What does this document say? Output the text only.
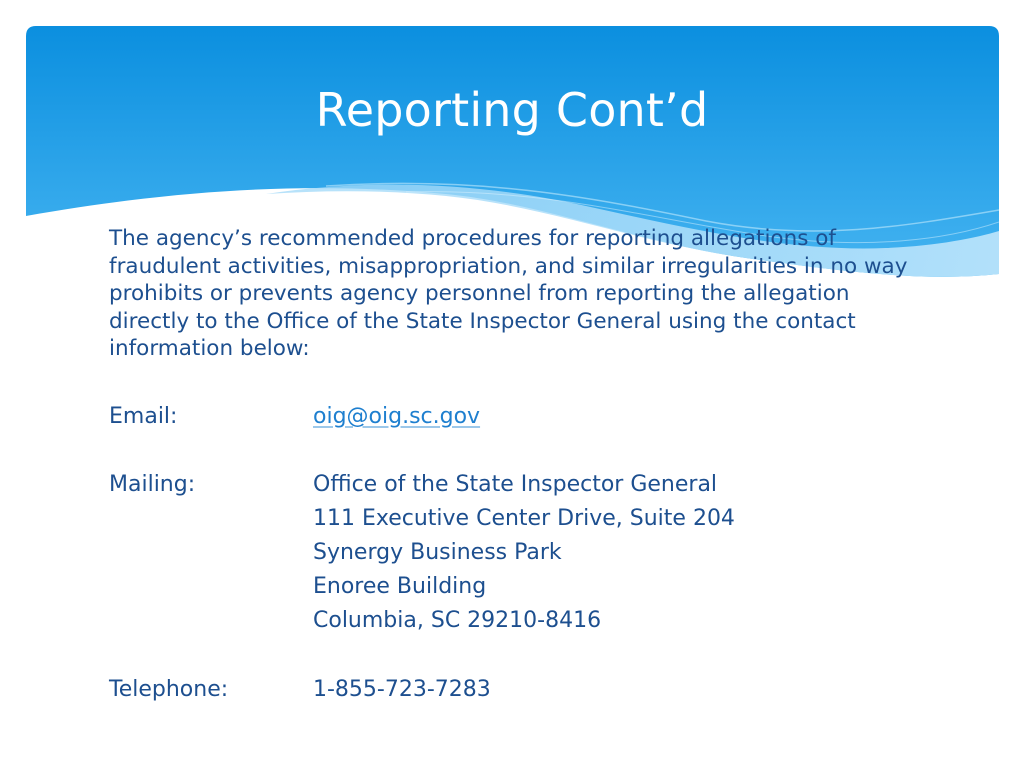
Reporting Cont’d
The agency’s recommended procedures for reporting allegations of fraudulent activities, misappropriation, and similar irregularities in no way prohibits or prevents agency personnel from reporting the allegation directly to the Office of the State Inspector General using the contact information below:
Email:	oig@oig.sc.gov
Mailing:	Office of the State Inspector General
111 Executive Center Drive, Suite 204
Synergy Business Park
Enoree Building
Columbia, SC 29210-8416
Telephone:	1-855-723-7283
